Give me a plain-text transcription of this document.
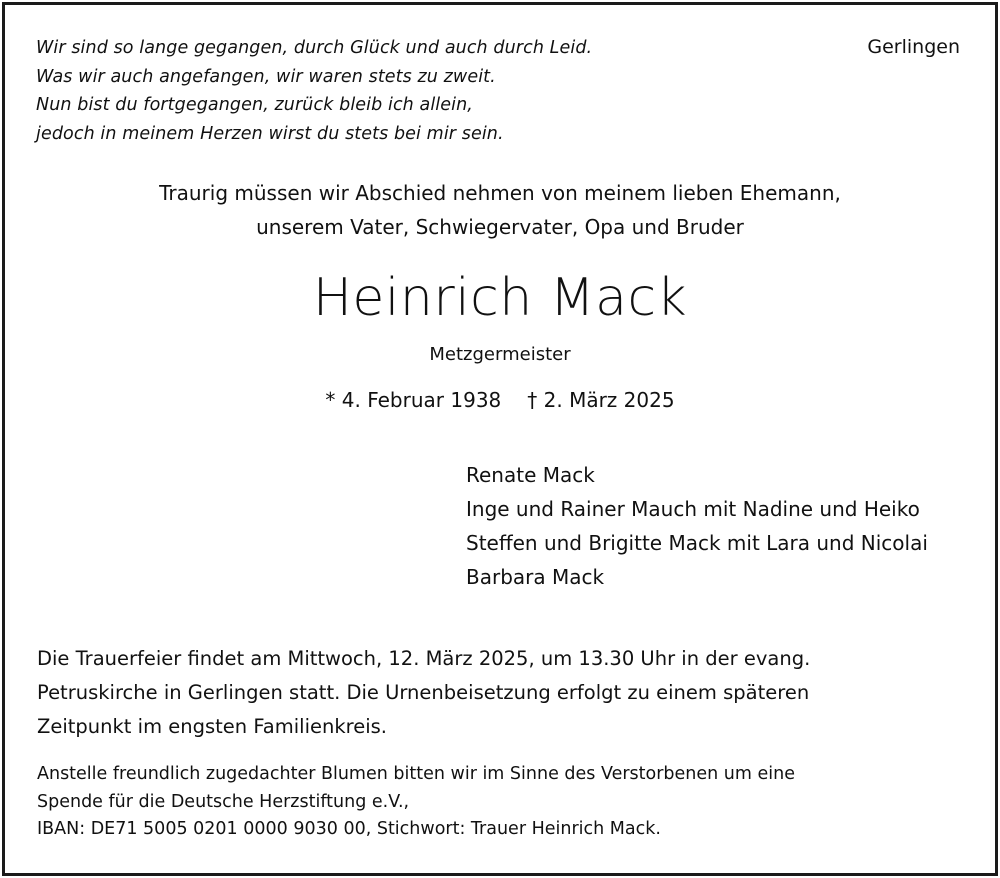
Wir sind so lange gegangen, durch Glück und auch durch Leid.
Was wir auch angefangen, wir waren stets zu zweit.
Nun bist du fortgegangen, zurück bleib ich allein,
jedoch in meinem Herzen wirst du stets bei mir sein.
Gerlingen
Traurig müssen wir Abschied nehmen von meinem lieben Ehemann,
unserem Vater, Schwiegervater, Opa und Bruder
Heinrich Mack
Metzgermeister
* 4. Februar 1938 † 2. März 2025
Renate Mack
Inge und Rainer Mauch mit Nadine und Heiko
Steffen und Brigitte Mack mit Lara und Nicolai
Barbara Mack
Die Trauerfeier findet am Mittwoch, 12. März 2025, um 13.30 Uhr in der evang.
Petruskirche in Gerlingen statt. Die Urnenbeisetzung erfolgt zu einem späteren
Zeitpunkt im engsten Familienkreis.
Anstelle freundlich zugedachter Blumen bitten wir im Sinne des Verstorbenen um eine
Spende für die Deutsche Herzstiftung e.V.,
IBAN: DE71 5005 0201 0000 9030 00, Stichwort: Trauer Heinrich Mack.
